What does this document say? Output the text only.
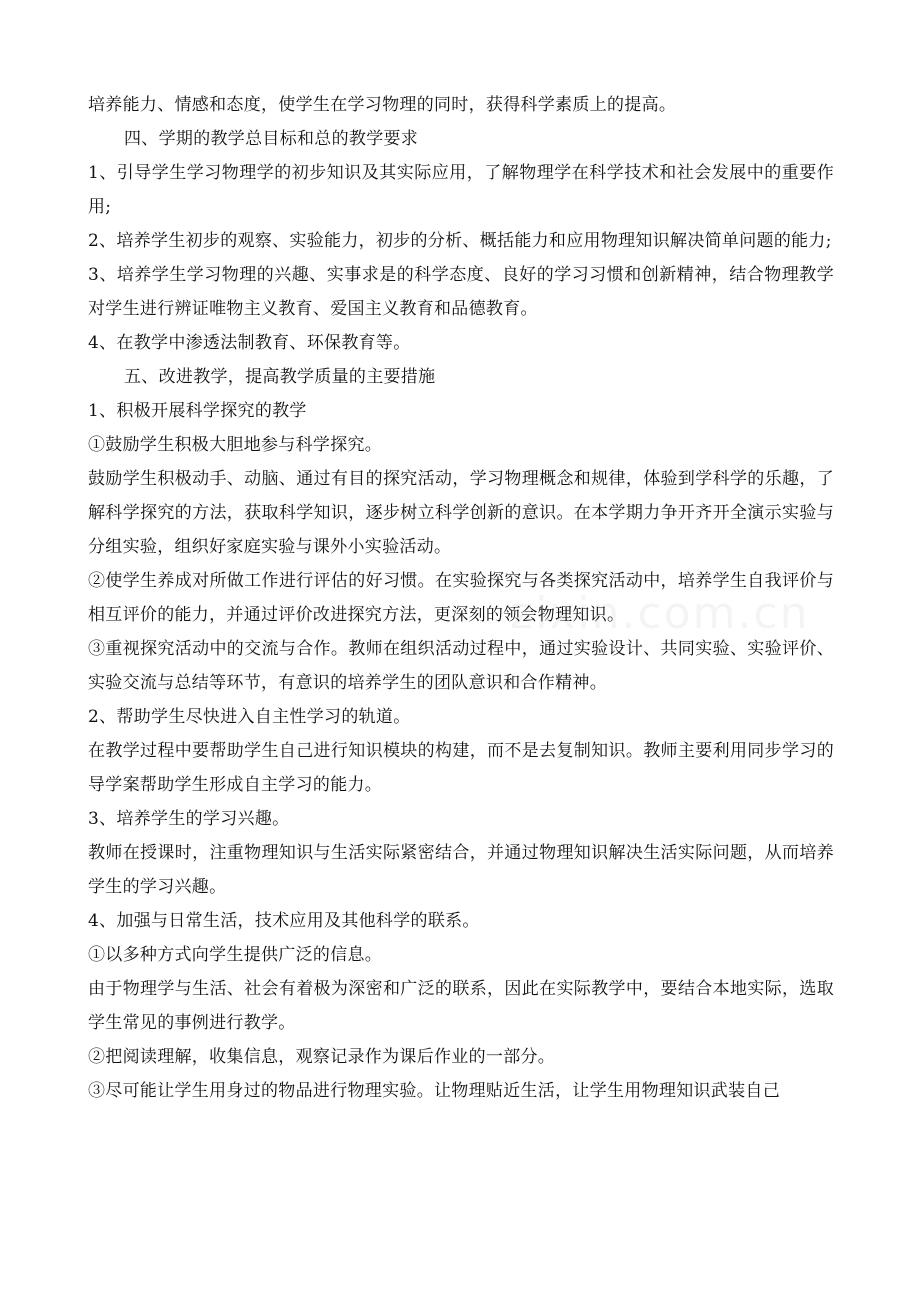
培养能力、情感和态度，使学生在学习物理的同时，获得科学素质上的提高。

四、学期的教学总目标和总的教学要求

1、引导学生学习物理学的初步知识及其实际应用，了解物理学在科学技术和社会发展中的重要作用;

2、培养学生初步的观察、实验能力，初步的分析、概括能力和应用物理知识解决简单问题的能力;

3、培养学生学习物理的兴趣、实事求是的科学态度、良好的学习习惯和创新精神，结合物理教学对学生进行辨证唯物主义教育、爱国主义教育和品德教育。

4、在教学中渗透法制教育、环保教育等。

五、改进教学，提高教学质量的主要措施

1、积极开展科学探究的教学

①鼓励学生积极大胆地参与科学探究。

鼓励学生积极动手、动脑、通过有目的探究活动，学习物理概念和规律，体验到学科学的乐趣，了解科学探究的方法，获取科学知识，逐步树立科学创新的意识。在本学期力争开齐开全演示实验与分组实验，组织好家庭实验与课外小实验活动。

②使学生养成对所做工作进行评估的好习惯。在实验探究与各类探究活动中，培养学生自我评价与相互评价的能力，并通过评价改进探究方法，更深刻的领会物理知识。

③重视探究活动中的交流与合作。教师在组织活动过程中，通过实验设计、共同实验、实验评价、实验交流与总结等环节，有意识的培养学生的团队意识和合作精神。

2、帮助学生尽快进入自主性学习的轨道。

在教学过程中要帮助学生自己进行知识模块的构建，而不是去复制知识。教师主要利用同步学习的导学案帮助学生形成自主学习的能力。

3、培养学生的学习兴趣。

教师在授课时，注重物理知识与生活实际紧密结合，并通过物理知识解决生活实际问题，从而培养学生的学习兴趣。

4、加强与日常生活，技术应用及其他科学的联系。

①以多种方式向学生提供广泛的信息。

由于物理学与生活、社会有着极为深密和广泛的联系，因此在实际教学中，要结合本地实际，选取学生常见的事例进行教学。

②把阅读理解，收集信息，观察记录作为课后作业的一部分。

③尽可能让学生用身过的物品进行物理实验。让物理贴近生活，让学生用物理知识武装自己
